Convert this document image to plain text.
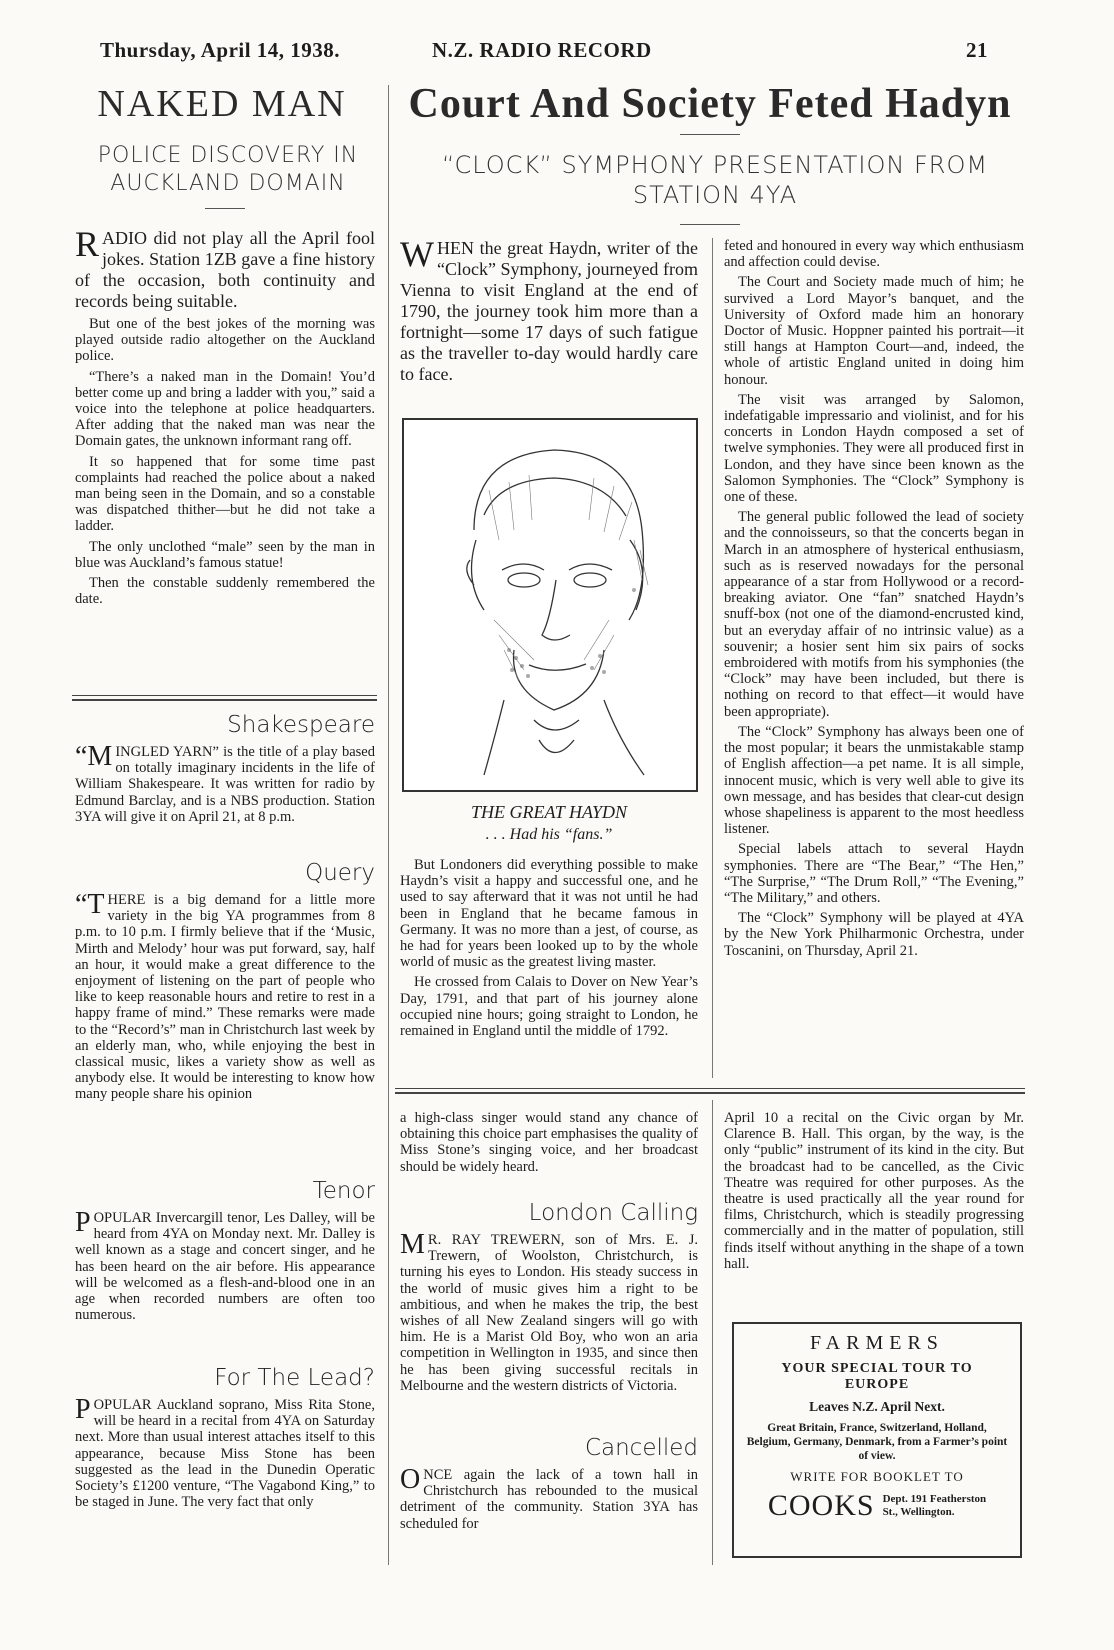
Thursday, April 14, 1938.	N.Z. RADIO RECORD	21
NAKED MAN
POLICE DISCOVERY IN AUCKLAND DOMAIN

RADIO did not play all the April fool jokes. Station 1ZB gave a fine history of the occasion, both continuity and records being suitable.

But one of the best jokes of the morning was played outside radio altogether on the Auckland police.

“There’s a naked man in the Domain! You’d better come up and bring a ladder with you,” said a voice into the telephone at police headquarters. After adding that the naked man was near the Domain gates, the unknown informant rang off.

It so happened that for some time past complaints had reached the police about a naked man being seen in the Domain, and so a constable was dispatched thither—but he did not take a ladder.

The only unclothed “male” seen by the man in blue was Auckland’s famous statue!

Then the constable suddenly remembered the date.

Shakespeare

“MINGLED YARN” is the title of a play based on totally imaginary incidents in the life of William Shakespeare. It was written for radio by Edmund Barclay, and is a NBS production. Station 3YA will give it on April 21, at 8 p.m.

Query

“THERE is a big demand for a little more variety in the big YA programmes from 8 p.m. to 10 p.m. I firmly believe that if the ‘Music, Mirth and Melody’ hour was put forward, say, half an hour, it would make a great difference to the enjoyment of listening on the part of people who like to keep reasonable hours and retire to rest in a happy frame of mind.” These remarks were made to the “Record’s” man in Christchurch last week by an elderly man, who, while enjoying the best in classical music, likes a variety show as well as anybody else. It would be interesting to know how many people share his opinion

Tenor

POPULAR Invercargill tenor, Les Dalley, will be heard from 4YA on Monday next. Mr. Dalley is well known as a stage and concert singer, and he has been heard on the air before. His appearance will be welcomed as a flesh-and-blood one in an age when recorded numbers are often too numerous.

For The Lead?

POPULAR Auckland soprano, Miss Rita Stone, will be heard in a recital from 4YA on Saturday next. More than usual interest attaches itself to this appearance, because Miss Stone has been suggested as the lead in the Dunedin Operatic Society’s £1200 venture, “The Vagabond King,” to be staged in June. The very fact that only

Court And Society Feted Hadyn
“CLOCK” SYMPHONY PRESENTATION FROM STATION 4YA

WHEN the great Haydn, writer of the “Clock” Symphony, journeyed from Vienna to visit England at the end of 1790, the journey took him more than a fortnight—some 17 days of such fatigue as the traveller to-day would hardly care to face.

THE GREAT HAYDN
. . . Had his “fans.”

But Londoners did everything possible to make Haydn’s visit a happy and successful one, and he used to say afterward that it was not until he had been in England that he became famous in Germany. It was no more than a jest, of course, as he had for years been looked up to by the whole world of music as the greatest living master.

He crossed from Calais to Dover on New Year’s Day, 1791, and that part of his journey alone occupied nine hours; going straight to London, he remained in England until the middle of 1792.

feted and honoured in every way which enthusiasm and affection could devise.

The Court and Society made much of him; he survived a Lord Mayor’s banquet, and the University of Oxford made him an honorary Doctor of Music. Hoppner painted his portrait—it still hangs at Hampton Court—and, indeed, the whole of artistic England united in doing him honour.

The visit was arranged by Salomon, indefatigable impressario and violinist, and for his concerts in London Haydn composed a set of twelve symphonies. They were all produced first in London, and they have since been known as the Salomon Symphonies. The “Clock” Symphony is one of these.

The general public followed the lead of society and the connoisseurs, so that the concerts began in March in an atmosphere of hysterical enthusiasm, such as is reserved nowadays for the personal appearance of a star from Hollywood or a record-breaking aviator. One “fan” snatched Haydn’s snuff-box (not one of the diamond-encrusted kind, but an everyday affair of no intrinsic value) as a souvenir; a hosier sent him six pairs of socks embroidered with motifs from his symphonies (the “Clock” may have been included, but there is nothing on record to that effect—it would have been appropriate).

The “Clock” Symphony has always been one of the most popular; it bears the unmistakable stamp of English affection—a pet name. It is all simple, innocent music, which is very well able to give its own message, and has besides that clear-cut design whose shapeliness is apparent to the most heedless listener.

Special labels attach to several Haydn symphonies. There are “The Bear,” “The Hen,” “The Surprise,” “The Drum Roll,” “The Evening,” “The Military,” and others.

The “Clock” Symphony will be played at 4YA by the New York Philharmonic Orchestra, under Toscanini, on Thursday, April 21.

a high-class singer would stand any chance of obtaining this choice part emphasises the quality of Miss Stone’s singing voice, and her broadcast should be widely heard.

London Calling

M R. RAY TREWERN, son of Mrs. E. J. Trewern, of Woolston, Christchurch, is turning his eyes to London. His steady success in the world of music gives him a right to be ambitious, and when he makes the trip, the best wishes of all New Zealand singers will go with him. He is a Marist Old Boy, who won an aria competition in Wellington in 1935, and since then he has been giving successful recitals in Melbourne and the western districts of Victoria.

Cancelled

ONCE again the lack of a town hall in Christchurch has rebounded to the musical detriment of the community. Station 3YA has scheduled for

April 10 a recital on the Civic organ by Mr. Clarence B. Hall. This organ, by the way, is the only “public” instrument of its kind in the city. But the broadcast had to be cancelled, as the Civic Theatre was required for other purposes. As the theatre is used practically all the year round for films, Christchurch, which is steadily progressing commercially and in the matter of population, still finds itself without anything in the shape of a town hall.

FARMERS
YOUR SPECIAL TOUR TO
EUROPE
Leaves N.Z. April Next.
Great Britain, France, Switzerland, Holland, Belgium, Germany, Denmark, from a Farmer’s point of view.
WRITE FOR BOOKLET TO
COOKS Dept. 191 Featherston
St., Wellington.
